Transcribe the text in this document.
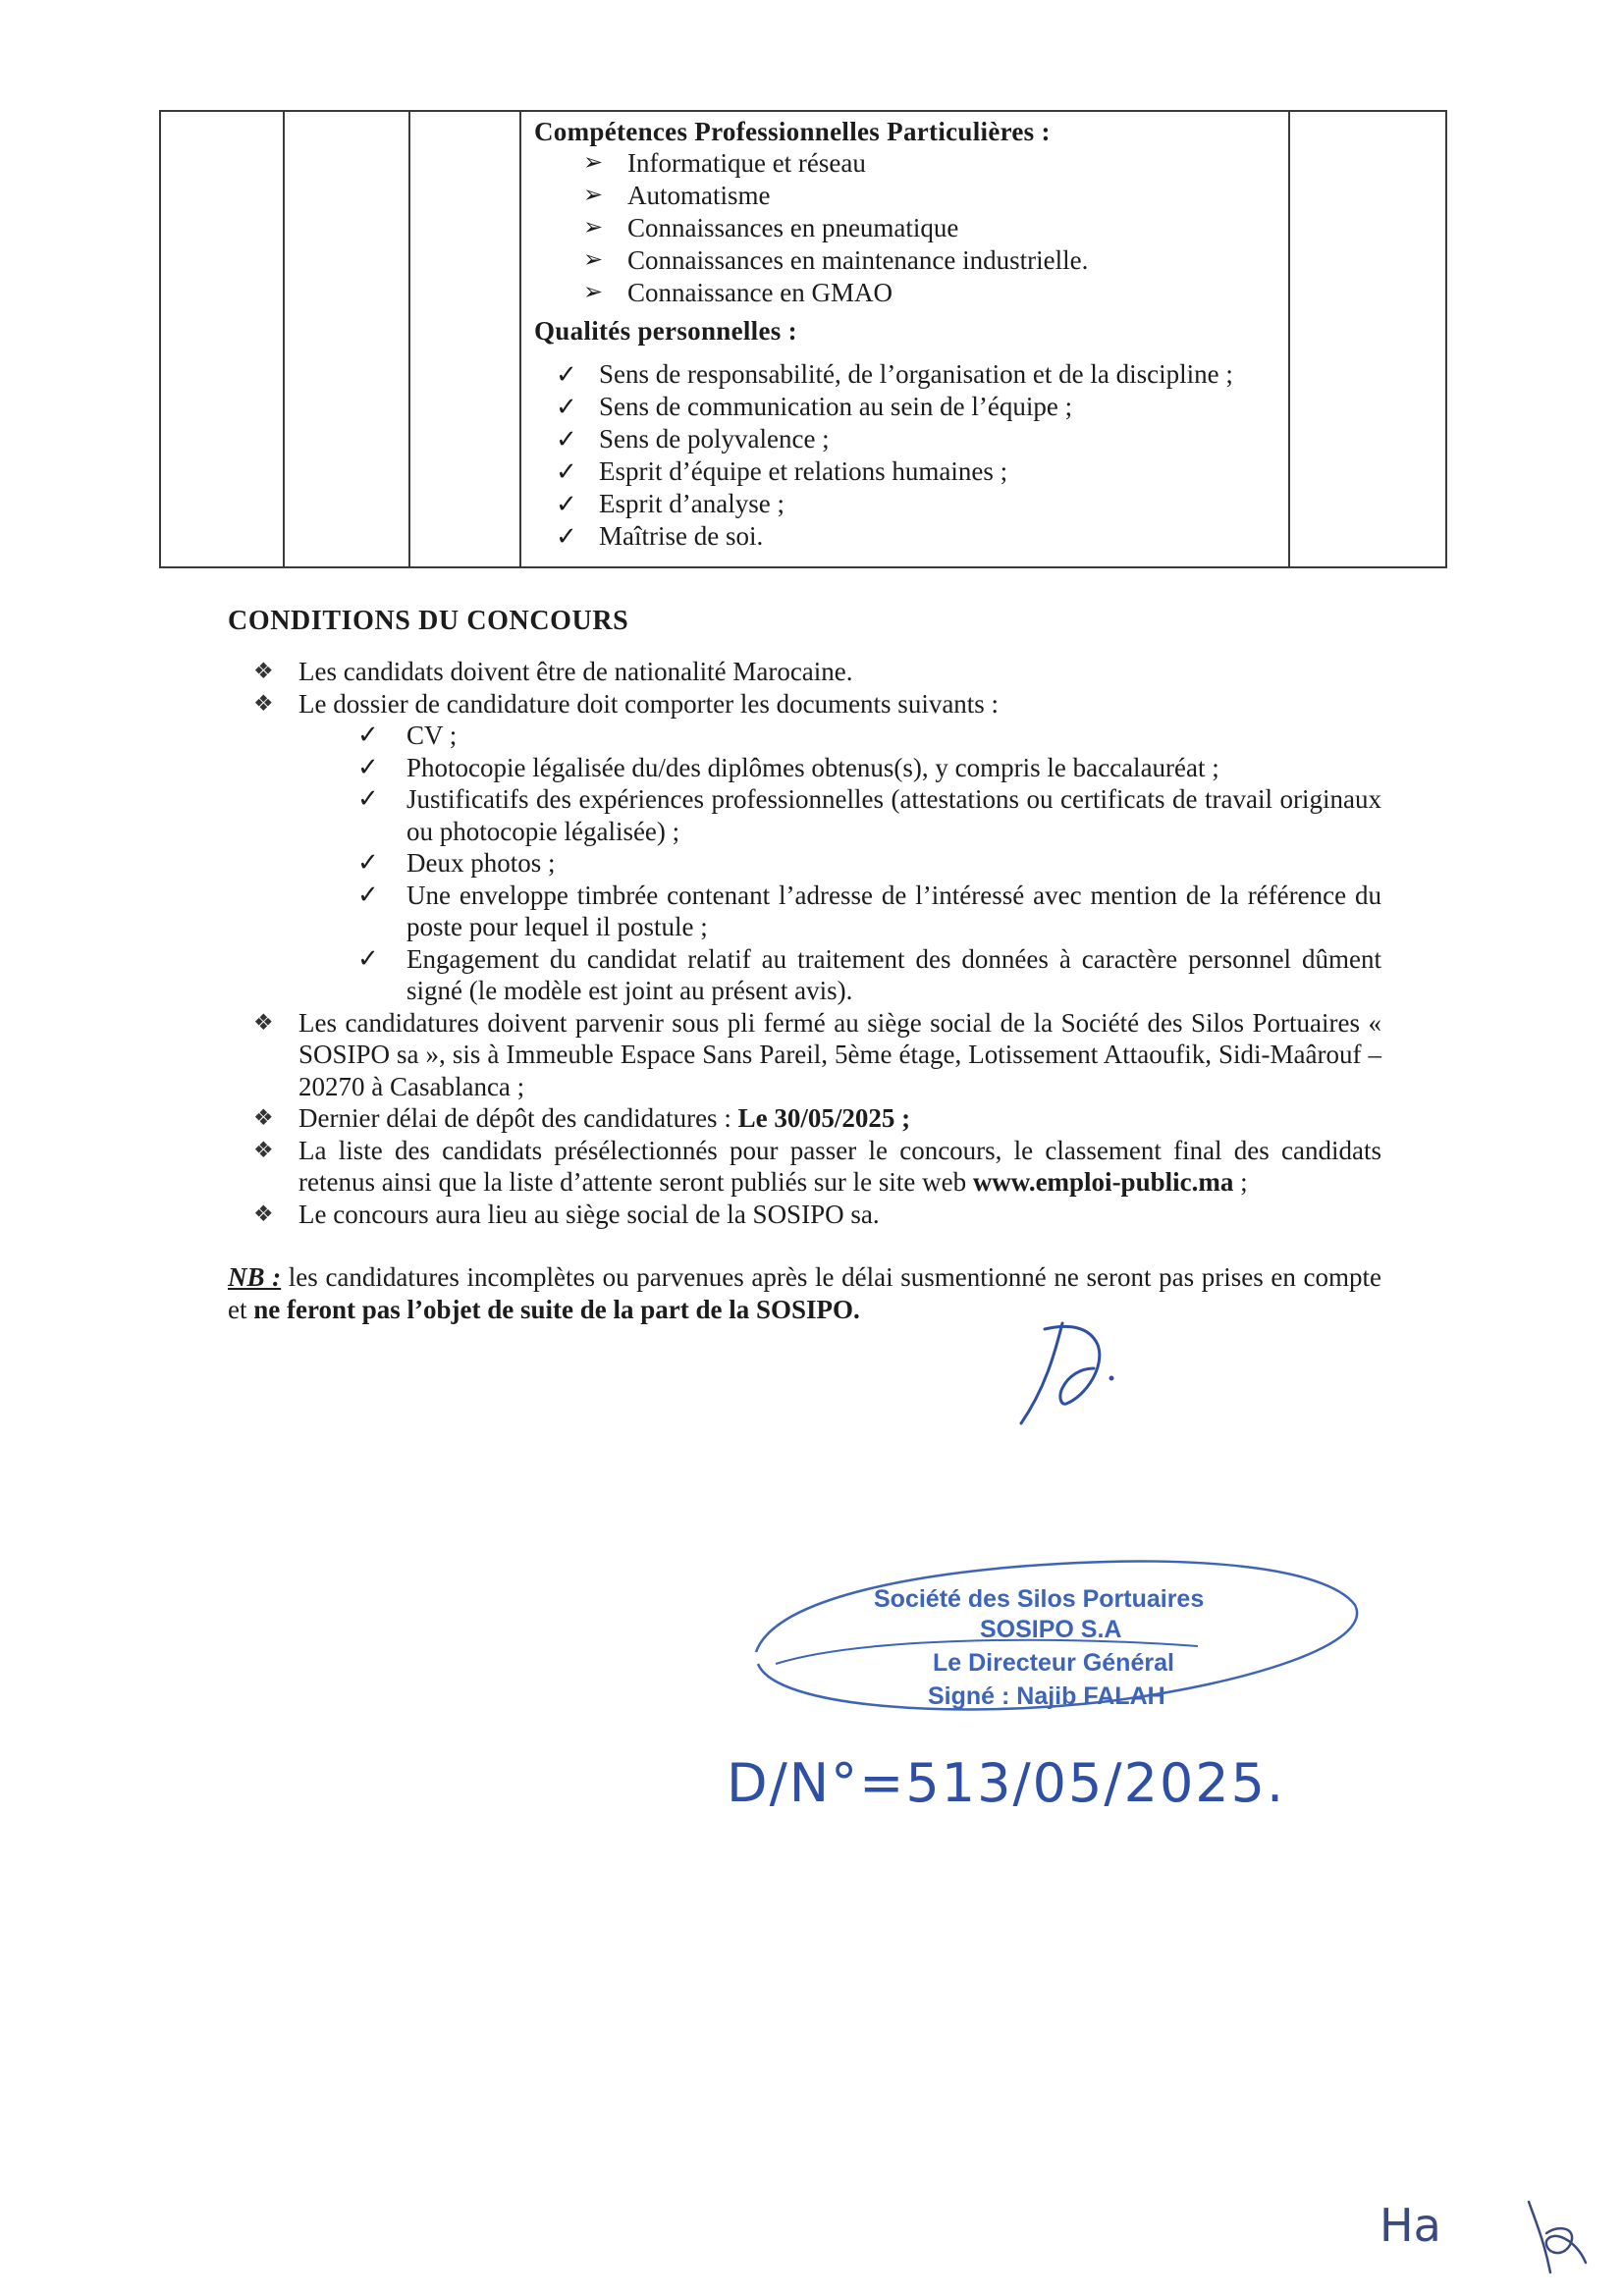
Compétences Professionnelles Particulières :
➢ Informatique et réseau
➢ Automatisme
➢ Connaissances en pneumatique
➢ Connaissances en maintenance industrielle.
➢ Connaissance en GMAO
Qualités personnelles :
✓ Sens de responsabilité, de l’organisation et de la discipline ;
✓ Sens de communication au sein de l’équipe ;
✓ Sens de polyvalence ;
✓ Esprit d’équipe et relations humaines ;
✓ Esprit d’analyse ;
✓ Maîtrise de soi.
CONDITIONS DU CONCOURS
❖ Les candidats doivent être de nationalité Marocaine.
❖ Le dossier de candidature doit comporter les documents suivants :
✓ CV ;
✓ Photocopie légalisée du/des diplômes obtenus(s), y compris le baccalauréat ;
✓ Justificatifs des expériences professionnelles (attestations ou certificats de travail originaux ou photocopie légalisée) ;
✓ Deux photos ;
✓ Une enveloppe timbrée contenant l’adresse de l’intéressé avec mention de la référence du poste pour lequel il postule ;
✓ Engagement du candidat relatif au traitement des données à caractère personnel dûment signé (le modèle est joint au présent avis).
❖ Les candidatures doivent parvenir sous pli fermé au siège social de la Société des Silos Portuaires « SOSIPO sa », sis à Immeuble Espace Sans Pareil, 5ème étage, Lotissement Attaoufik, Sidi-Maârouf – 20270 à Casablanca ;
❖ Dernier délai de dépôt des candidatures : Le 30/05/2025 ;
❖ La liste des candidats présélectionnés pour passer le concours, le classement final des candidats retenus ainsi que la liste d’attente seront publiés sur le site web www.emploi-public.ma ;
❖ Le concours aura lieu au siège social de la SOSIPO sa.
NB : les candidatures incomplètes ou parvenues après le délai susmentionné ne seront pas prises en compte et ne feront pas l’objet de suite de la part de la SOSIPO.
Société des Silos Portuaires
SOSIPO S.A
Le Directeur Général
Signé : Najib FALAH
D/N°=513/05/2025.
Ha
